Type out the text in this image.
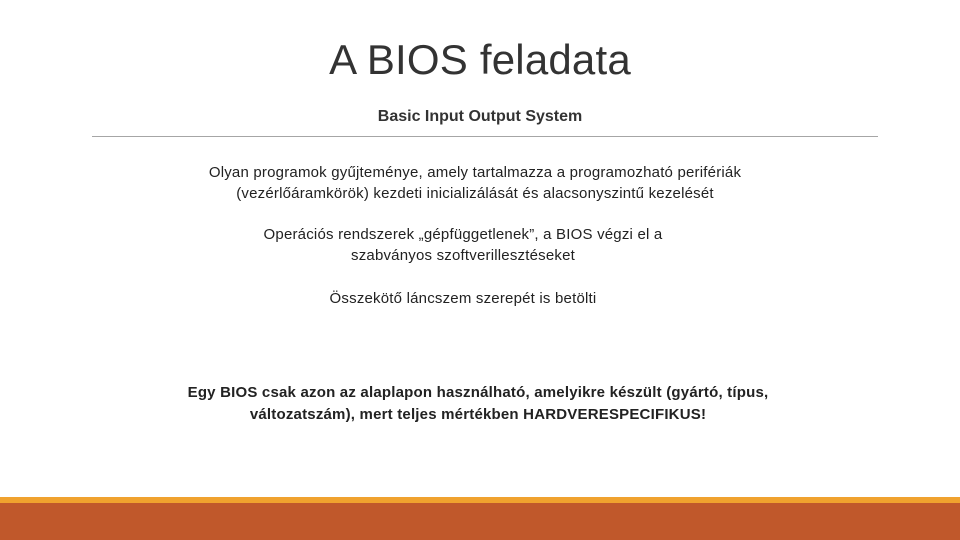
A BIOS feladata
Basic Input Output System

Olyan programok gyűjteménye, amely tartalmazza a programozható perifériák
(vezérlőáramkörök) kezdeti inicializálását és alacsonyszintű kezelését

Operációs rendszerek „gépfüggetlenek”, a BIOS végzi el a
szabványos szoftverillesztéseket

Összekötő láncszem szerepét is betölti

Egy BIOS csak azon az alaplapon használható, amelyikre készült (gyártó, típus,
változatszám), mert teljes mértékben HARDVERESPECIFIKUS!
